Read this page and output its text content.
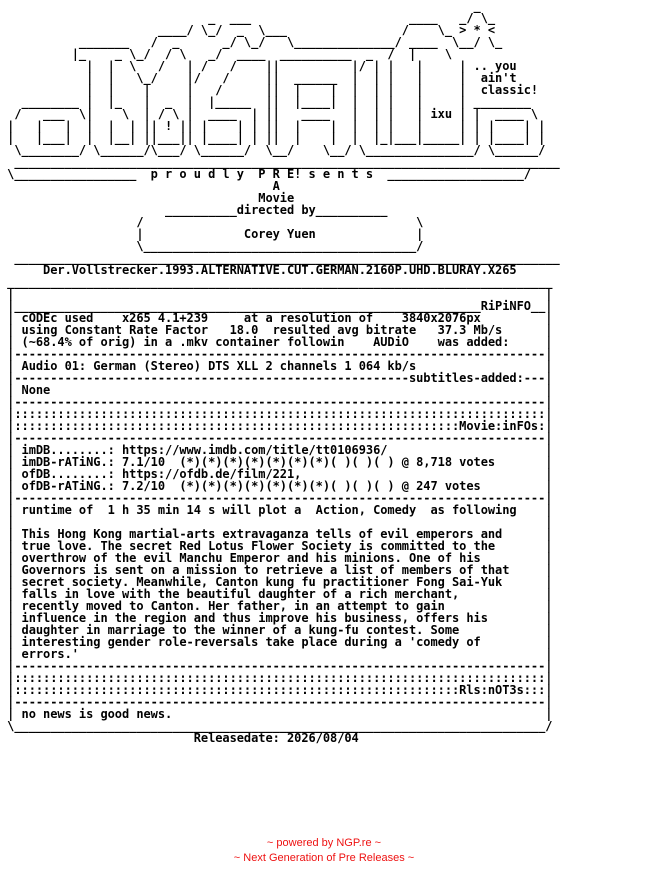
_
_  ___                      ____   _/ \_
____/ \_/  _  \___                /    \_ > * <
_______   /  _      _/ \_/   \______________/ ____  \__/ \_
|_    _ \_/  / \   _/  ____  __________  _  /  |    \
|  |  \   /   | /   /    ||          |/ | |   |     | .. you
|  |   \_/    |/   /     ||  ______  |  | |   |     |  ain't
|  |    |     |   /      ||  |    |  |  | |   |     |  classic!
________ |  |_   |  _  |  |_____  ||  |____|  |  | |   |     | ________
/   ___  \|    \  | / \ |  ____  | ||   ____   |  | |   | ixu | |  ____ \
|   |   |  |  |  | || ! || |    | | ||  |    |  |  | |   |     | | |    | |
|   |___|  |  |__| ||___|| |____| | ||  |    |  |  |_|___|_____| | |____| |
\________/ \______/\___/ \______/  \__/    \__/ \_______________/ \______/
____________________________________________________________________________
\_________________  p r o u d l y  P R E! s e n t s  ___________________/
A
Movie
__________directed by__________
/                                      \
|              Corey Yuen              |
\______________________________________/
____________________________________________________________________________
Der.Vollstrecker.1993.ALTERNATIVE.CUT.GERMAN.2160P.UHD.BLURAY.X265
____________________________________________________________________________
|                                                                          |
|_________________________________________________________________RiPiNFO__|
| cODEc used    x265 4.1+239     at a resolution of    3840x2076px         |
| using Constant Rate Factor   18.0  resulted avg bitrate   37.3 Mb/s      |
| (~68.4% of orig) in a .mkv container followin    AUDiO    was added:     |
|--------------------------------------------------------------------------|
| Audio 01: German (Stereo) DTS XLL 2 channels 1 064 kb/s                  |
|-------------------------------------------------------subtitles-added:---|
| None                                                                     |
|--------------------------------------------------------------------------|
|::::::::::::::::::::::::::::::::::::::::::::::::::::::::::::::::::::::::::|
|::::::::::::::::::::::::::::::::::::::::::::::::::::::::::::::Movie:inFOs:|
|--------------------------------------------------------------------------|
| imDB........: https://www.imdb.com/title/tt0106936/                      |
| imDB-rATiNG.: 7.1/10  (*)(*)(*)(*)(*)(*)(*)( )( )( ) @ 8,718 votes       |
| ofDB........: https://ofdb.de/film/221,                                  |
| ofDB-rATiNG.: 7.2/10  (*)(*)(*)(*)(*)(*)(*)( )( )( ) @ 247 votes         |
|--------------------------------------------------------------------------|
| runtime of  1 h 35 min 14 s will plot a  Action, Comedy  as following    |
|                                                                          |
| This Hong Kong martial-arts extravaganza tells of evil emperors and      |
| true love. The secret Red Lotus Flower Society is committed to the       |
| overthrow of the evil Manchu Emperor and his minions. One of his         |
| Governors is sent on a mission to retrieve a list of members of that     |
| secret society. Meanwhile, Canton kung fu practitioner Fong Sai-Yuk      |
| falls in love with the beautiful daughter of a rich merchant,            |
| recently moved to Canton. Her father, in an attempt to gain              |
| influence in the region and thus improve his business, offers his        |
| daughter in marriage to the winner of a kung-fu contest. Some            |
| interesting gender role-reversals take place during a 'comedy of         |
| errors.'                                                                 |
|--------------------------------------------------------------------------|
|::::::::::::::::::::::::::::::::::::::::::::::::::::::::::::::::::::::::::|
|::::::::::::::::::::::::::::::::::::::::::::::::::::::::::::::Rls:nOT3s:::|
|--------------------------------------------------------------------------|
| no news is good news.                                                    |
\__________________________________________________________________________/
Releasedate: 2026/08/04
~ powered by NGP.re ~
~ Next Generation of Pre Releases ~
